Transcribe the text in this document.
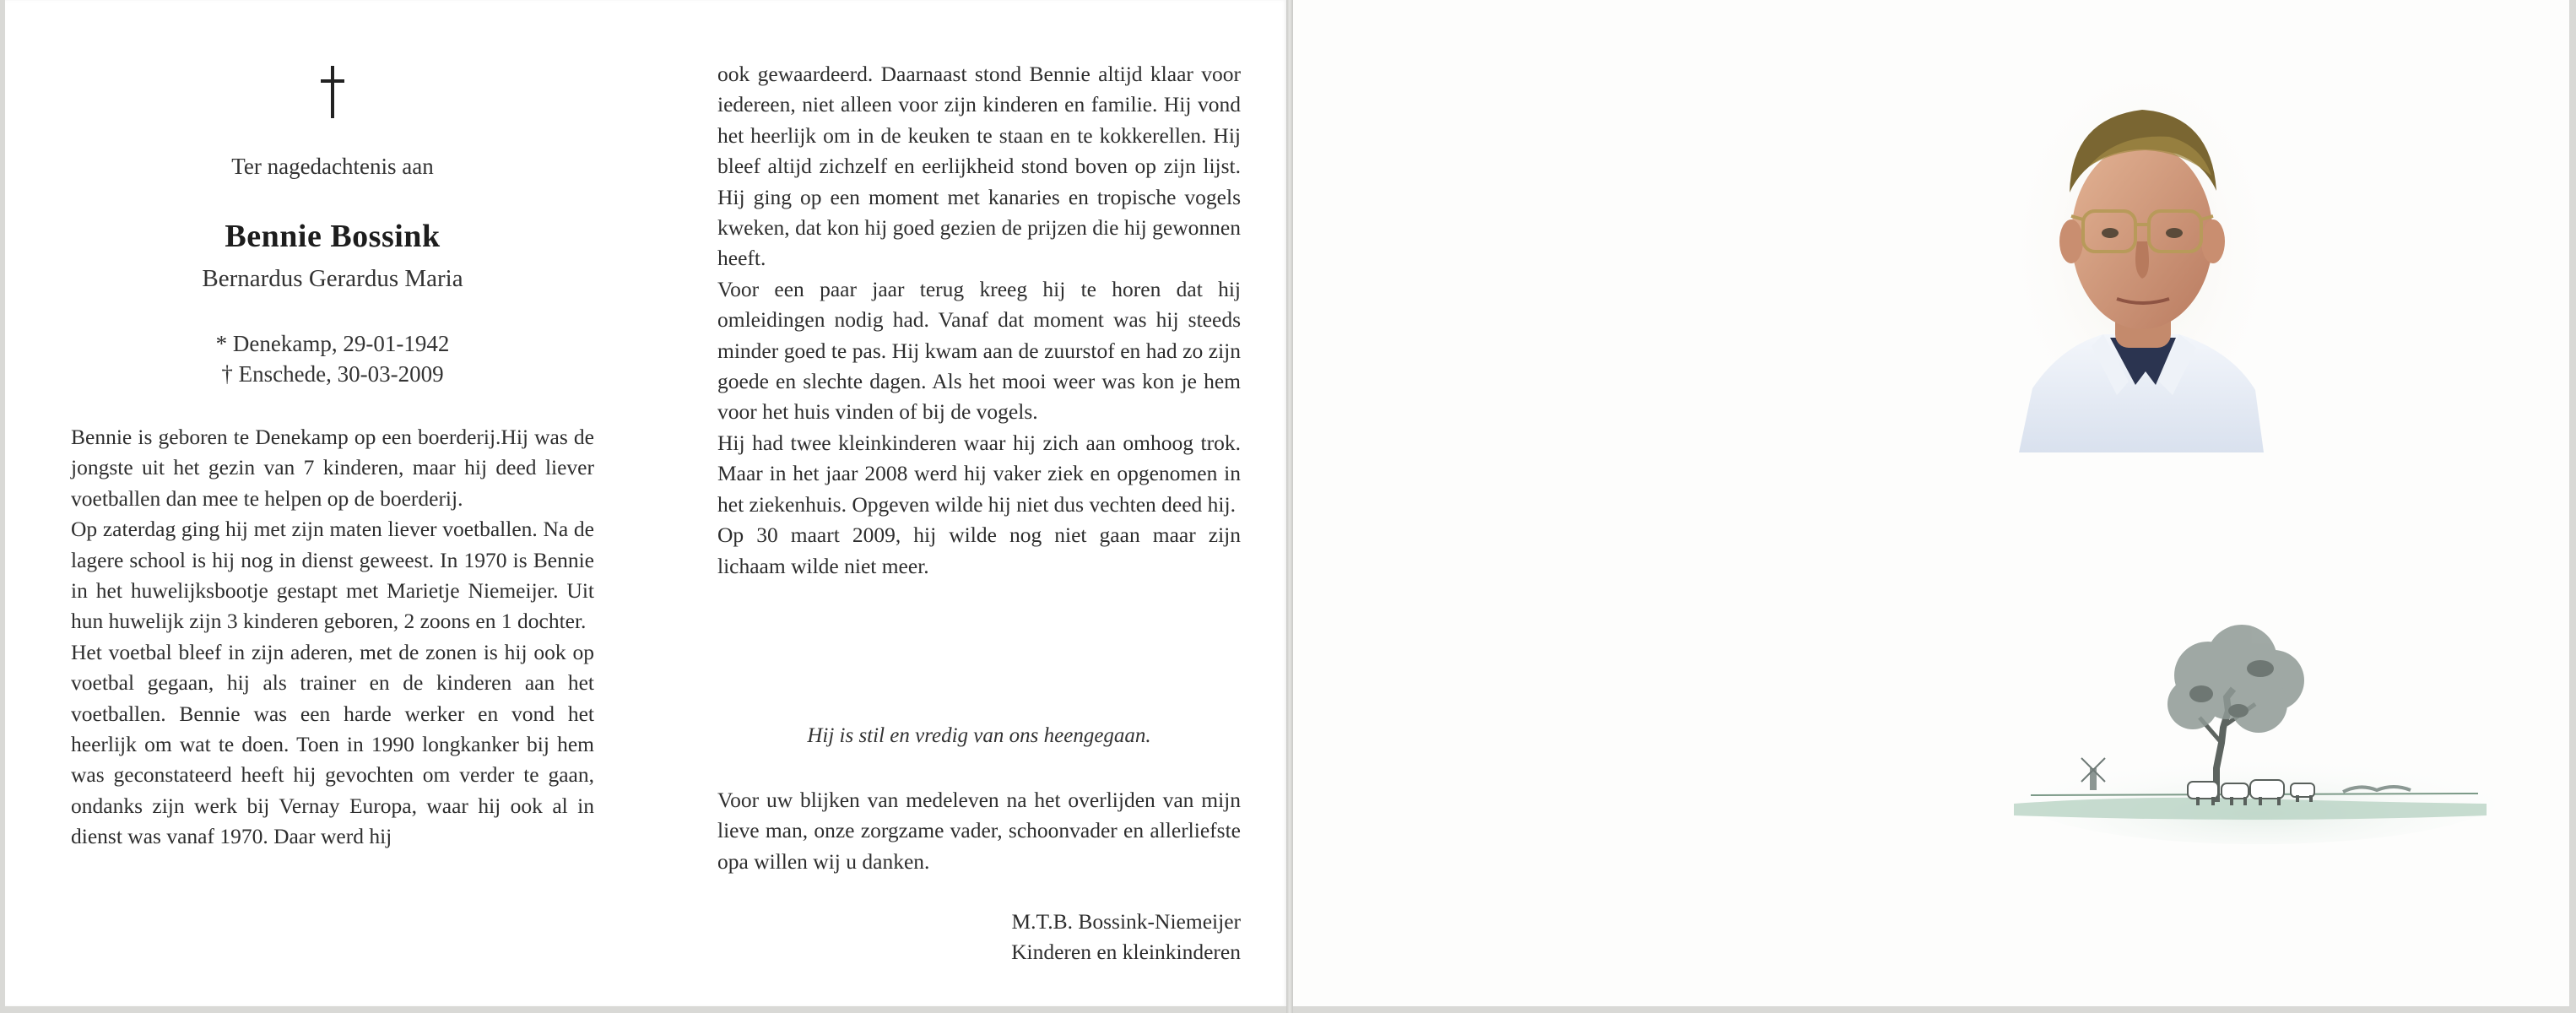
Ter nagedachtenis aan
Bennie Bossink
Bernardus Gerardus Maria
* Denekamp, 29-01-1942
† Enschede, 30-03-2009

Bennie is geboren te Denekamp op een boerderij.Hij was de jongste uit het gezin van 7 kinderen, maar hij deed liever voetballen dan mee te helpen op de boerderij.

Op zaterdag ging hij met zijn maten liever voetballen. Na de lagere school is hij nog in dienst geweest. In 1970 is Bennie in het huwelijksbootje gestapt met Marietje Niemeijer. Uit hun huwelijk zijn 3 kinderen geboren, 2 zoons en 1 dochter.

Het voetbal bleef in zijn aderen, met de zonen is hij ook op voetbal gegaan, hij als trainer en de kinderen aan het voetballen. Bennie was een harde werker en vond het heerlijk om wat te doen. Toen in 1990 longkanker bij hem was geconstateerd heeft hij gevochten om verder te gaan, ondanks zijn werk bij Vernay Europa, waar hij ook al in dienst was vanaf 1970. Daar werd hij

ook gewaardeerd. Daarnaast stond Bennie altijd klaar voor iedereen, niet alleen voor zijn kinderen en familie. Hij vond het heerlijk om in de keuken te staan en te kokkerellen. Hij bleef altijd zichzelf en eerlijkheid stond boven op zijn lijst. Hij ging op een moment met kanaries en tropische vogels kweken, dat kon hij goed gezien de prijzen die hij gewonnen heeft.

Voor een paar jaar terug kreeg hij te horen dat hij omleidingen nodig had. Vanaf dat moment was hij steeds minder goed te pas. Hij kwam aan de zuurstof en had zo zijn goede en slechte dagen. Als het mooi weer was kon je hem voor het huis vinden of bij de vogels.

Hij had twee kleinkinderen waar hij zich aan omhoog trok. Maar in het jaar 2008 werd hij vaker ziek en opgenomen in het ziekenhuis. Opgeven wilde hij niet dus vechten deed hij.

Op 30 maart 2009, hij wilde nog niet gaan maar zijn lichaam wilde niet meer.

Hij is stil en vredig van ons heengegaan.
Voor uw blijken van medeleven na het overlijden van mijn lieve man, onze zorgzame vader, schoonvader en allerliefste opa willen wij u danken.
M.T.B. Bossink-Niemeijer
Kinderen en kleinkinderen
